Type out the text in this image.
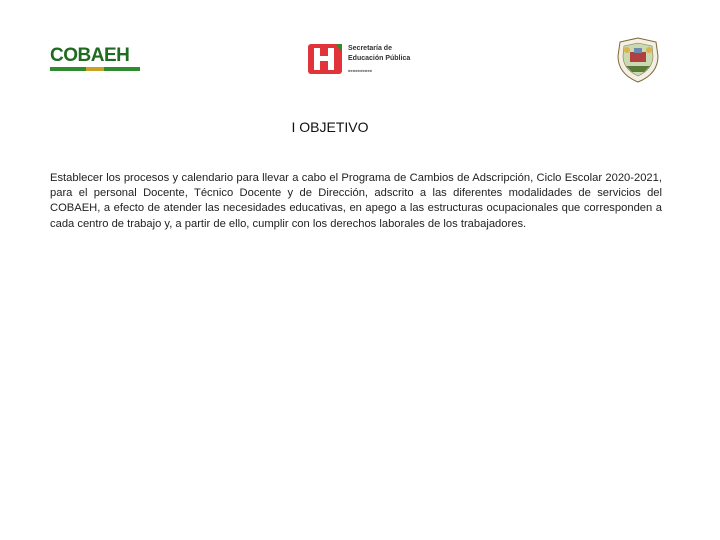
COBAEH	Secretaría de
Educación Pública
■■■■■■■■■■
I OBJETIVO
Establecer los procesos y calendario para llevar a cabo el Programa de Cambios de Adscripción, Ciclo Escolar 2020-2021, para el personal Docente, Técnico Docente y de Dirección, adscrito a las diferentes modalidades de servicios del COBAEH, a efecto de atender las necesidades educativas, en apego a las estructuras ocupacionales que corresponden a cada centro de trabajo y, a partir de ello, cumplir con los derechos laborales de los trabajadores.
